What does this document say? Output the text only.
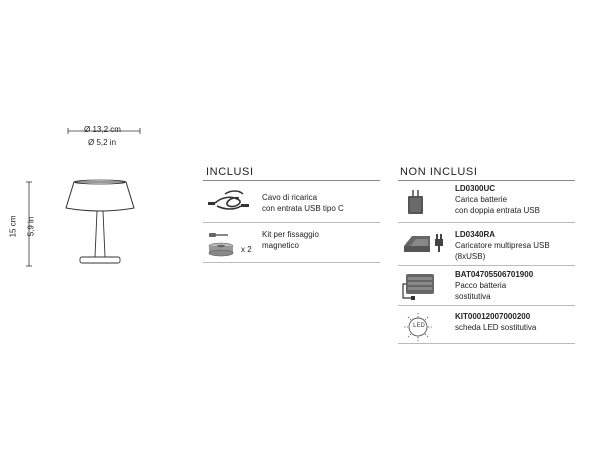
Ø 13,2 cm
Ø 5,2 in
15 cm 5,9 in
INCLUSI
Cavo di ricarica
con entrata USB tipo C
x 2
Kit per fissaggio
magnetico
NON INCLUSI
LD0300UC
Carica batterie
con doppia entrata USB
LD0340RA
Caricatore multipresa USB
(8xUSB)
BAT04705506701900
Pacco batteria
sostitutiva
LED
KIT00012007000200
scheda LED sostitutiva
